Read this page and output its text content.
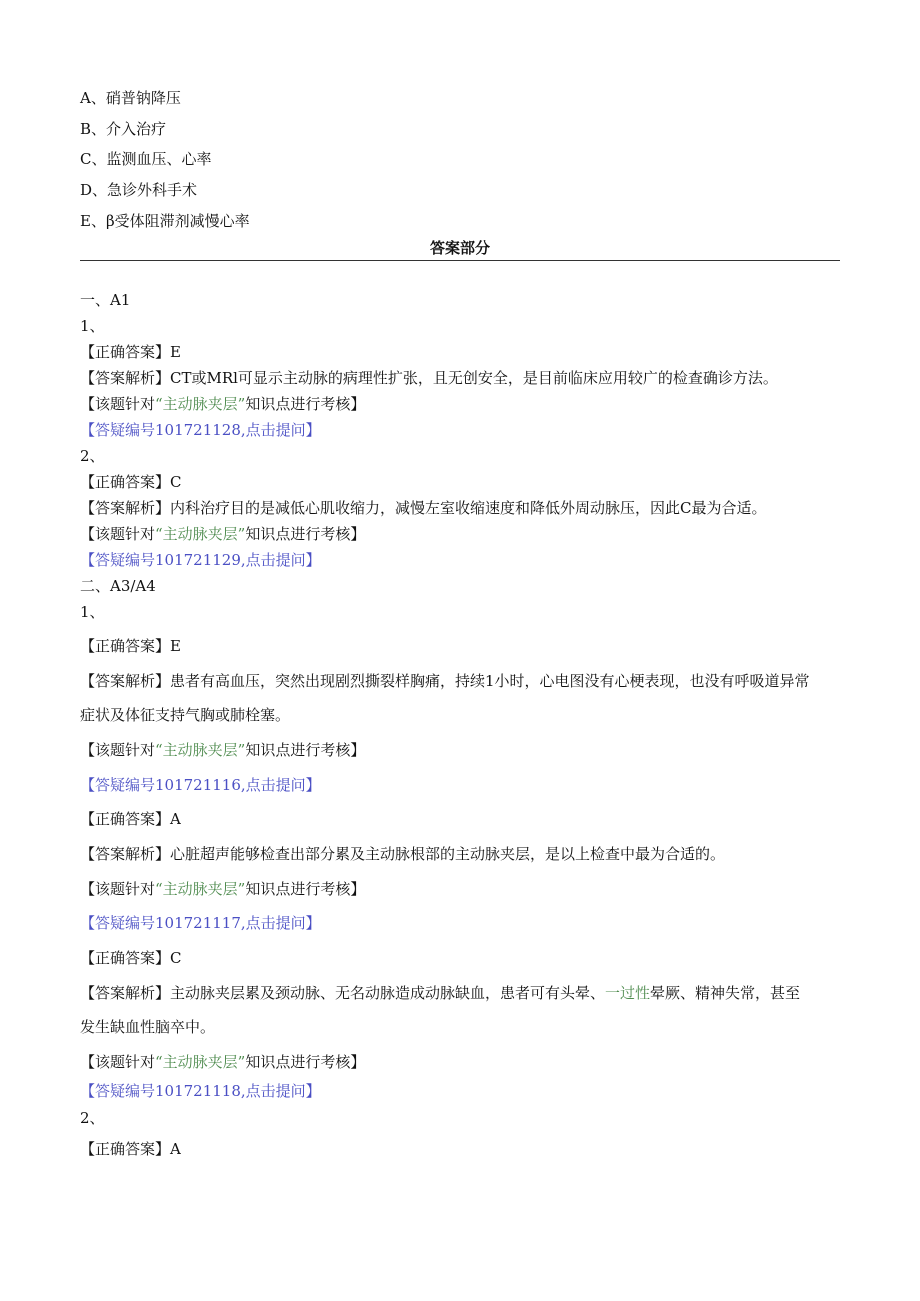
A、硝普钠降压
B、介入治疗
C、监测血压、心率
D、急诊外科手术
E、β受体阻滞剂减慢心率
答案部分
一、A1
1、
【正确答案】E
【答案解析】CT或MRl可显示主动脉的病理性扩张，且无创安全，是目前临床应用较广的检查确诊方法。
【该题针对“主动脉夹层”知识点进行考核】
【答疑编号101721128,点击提问】
2、
【正确答案】C
【答案解析】内科治疗目的是减低心肌收缩力，减慢左室收缩速度和降低外周动脉压，因此C最为合适。
【该题针对“主动脉夹层”知识点进行考核】
【答疑编号101721129,点击提问】
二、A3/A4
1、
【正确答案】E
【答案解析】患者有高血压，突然出现剧烈撕裂样胸痛，持续1小时，心电图没有心梗表现，也没有呼吸道异常
症状及体征支持气胸或肺栓塞。
【该题针对“主动脉夹层”知识点进行考核】
【答疑编号101721116,点击提问】
【正确答案】A
【答案解析】心脏超声能够检查出部分累及主动脉根部的主动脉夹层，是以上检查中最为合适的。
【该题针对“主动脉夹层”知识点进行考核】
【答疑编号101721117,点击提问】
【正确答案】C
【答案解析】主动脉夹层累及颈动脉、无名动脉造成动脉缺血，患者可有头晕、一过性晕厥、精神失常，甚至
发生缺血性脑卒中。
【该题针对“主动脉夹层”知识点进行考核】
【答疑编号101721118,点击提问】
2、
【正确答案】A
